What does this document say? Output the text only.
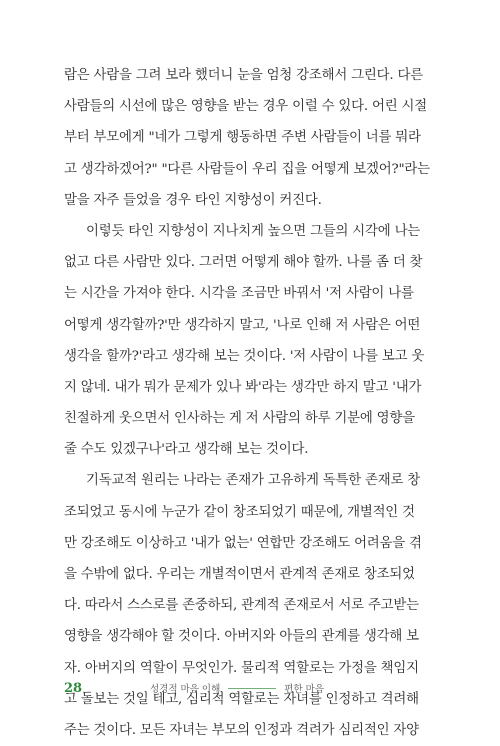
람은 사람을 그려 보라 했더니 눈을 엄청 강조해서 그린다. 다른
사람들의 시선에 많은 영향을 받는 경우 이럴 수 있다. 어린 시절
부터 부모에게 "네가 그렇게 행동하면 주변 사람들이 너를 뭐라
고 생각하겠어?" "다른 사람들이 우리 집을 어떻게 보겠어?"라는
말을 자주 들었을 경우 타인 지향성이 커진다.

이렇듯 타인 지향성이 지나치게 높으면 그들의 시각에 나는
없고 다른 사람만 있다. 그러면 어떻게 해야 할까. 나를 좀 더 찾
는 시간을 가져야 한다. 시각을 조금만 바꿔서 '저 사람이 나를
어떻게 생각할까?'만 생각하지 말고, '나로 인해 저 사람은 어떤
생각을 할까?'라고 생각해 보는 것이다. '저 사람이 나를 보고 웃
지 않네. 내가 뭐가 문제가 있나 봐'라는 생각만 하지 말고 '내가
친절하게 웃으면서 인사하는 게 저 사람의 하루 기분에 영향을
줄 수도 있겠구나'라고 생각해 보는 것이다.

기독교적 원리는 나라는 존재가 고유하게 독특한 존재로 창
조되었고 동시에 누군가 같이 창조되었기 때문에, 개별적인 것
만 강조해도 이상하고 '내가 없는' 연합만 강조해도 어려움을 겪
을 수밖에 없다. 우리는 개별적이면서 관계적 존재로 창조되었
다. 따라서 스스로를 존중하되, 관계적 존재로서 서로 주고받는
영향을 생각해야 할 것이다. 아버지와 아들의 관계를 생각해 보
자. 아버지의 역할이 무엇인가. 물리적 역할로는 가정을 책임지
고 돌보는 것일 테고, 심리적 역할로는 자녀를 인정하고 격려해
주는 것이다. 모든 자녀는 부모의 인정과 격려가 심리적인 자양

28	성경적 마음 이해	편한 마음
